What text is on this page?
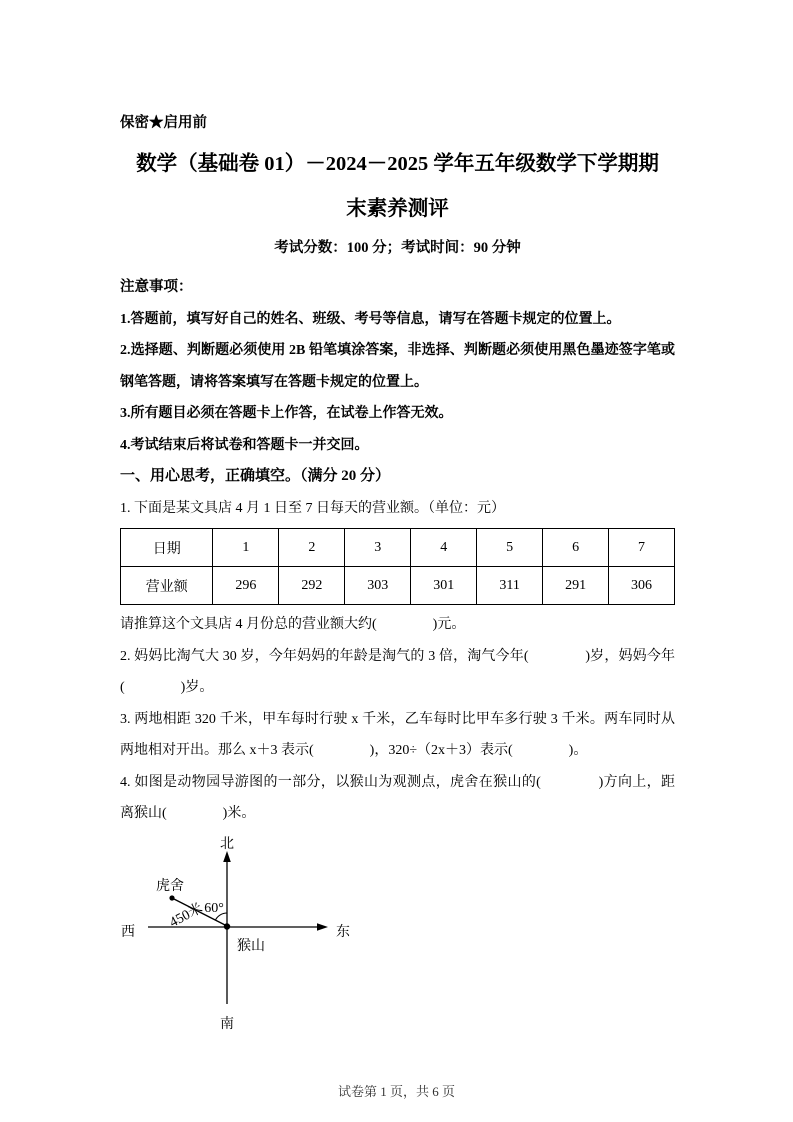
保密★启用前
数学（基础卷 01）－2024－2025 学年五年级数学下学期期
末素养测评
考试分数：100 分；考试时间：90 分钟
注意事项：

1.答题前，填写好自己的姓名、班级、考号等信息，请写在答题卡规定的位置上。

2.选择题、判断题必须使用 2B 铅笔填涂答案，非选择、判断题必须使用黑色墨迹签字笔或钢笔答题，请将答案填写在答题卡规定的位置上。

3.所有题目必须在答题卡上作答，在试卷上作答无效。

4.考试结束后将试卷和答题卡一并交回。

一、用心思考，正确填空。（满分 20 分）

1. 下面是某文具店 4 月 1 日至 7 日每天的营业额。（单位：元）

日期	1	2	3	4	5	6	7
营业额	296	292	303	301	311	291	306

请推算这个文具店 4 月份总的营业额大约(　　　　)元。

2. 妈妈比淘气大 30 岁，今年妈妈的年龄是淘气的 3 倍，淘气今年(　　　　)岁，妈妈今年(　　　　)岁。

3. 两地相距 320 千米，甲车每时行驶 x 千米，乙车每时比甲车多行驶 3 千米。两车同时从两地相对开出。那么 x＋3 表示(　　　　)，320÷（2x＋3）表示(　　　　)。

4. 如图是动物园导游图的一部分，以猴山为观测点，虎舍在猴山的(　　　　)方向上，距离猴山(　　　　)米。

北
南
西	东
虎舍
猴山
60°
450米
试卷第 1 页，共 6 页
